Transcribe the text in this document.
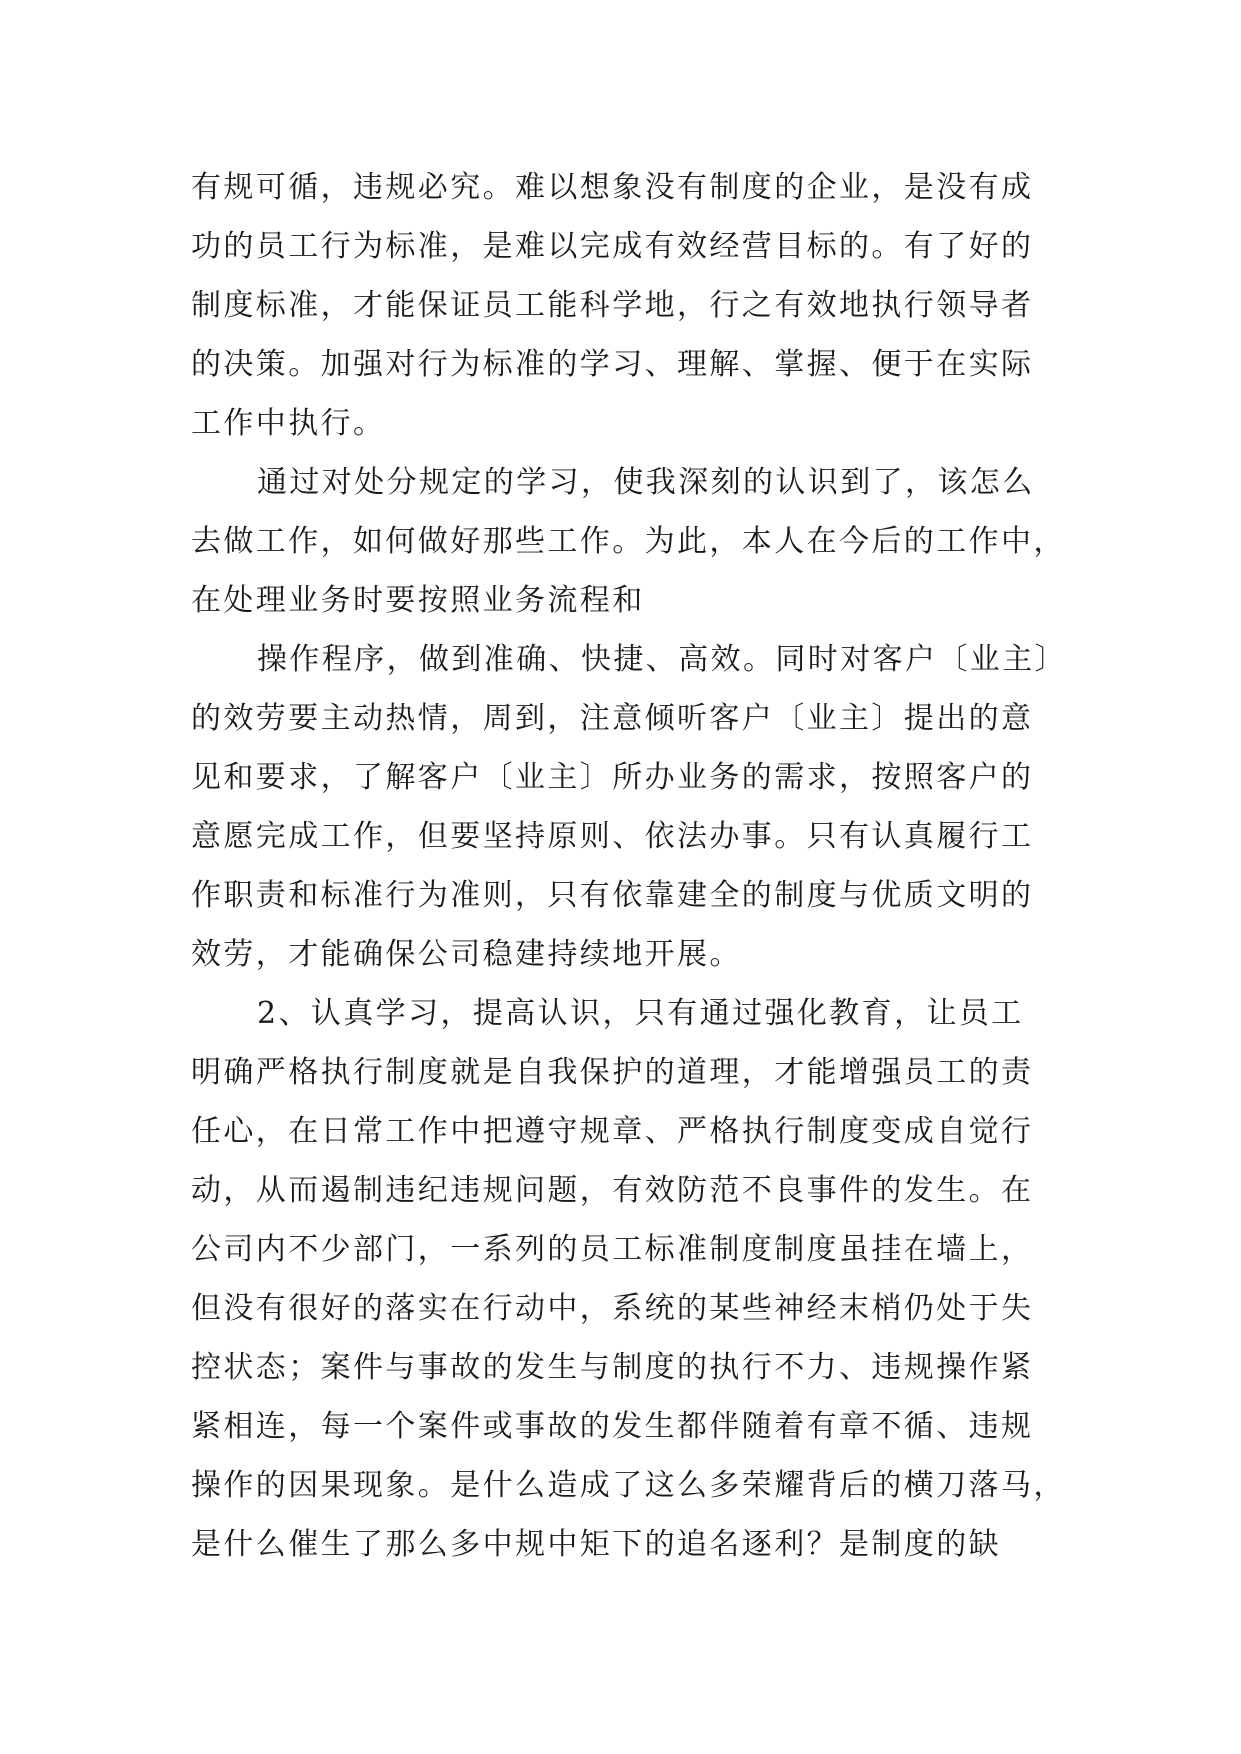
有规可循，违规必究。难以想象没有制度的企业，是没有成
功的员工行为标准，是难以完成有效经营目标的。有了好的
制度标准，才能保证员工能科学地，行之有效地执行领导者
的决策。加强对行为标准的学习、理解、掌握、便于在实际
工作中执行。
通过对处分规定的学习，使我深刻的认识到了，该怎么
去做工作，如何做好那些工作。为此，本人在今后的工作中，
在处理业务时要按照业务流程和
操作程序，做到准确、快捷、高效。同时对客户〔业主〕
的效劳要主动热情，周到，注意倾听客户〔业主〕提出的意
见和要求，了解客户〔业主〕所办业务的需求，按照客户的
意愿完成工作，但要坚持原则、依法办事。只有认真履行工
作职责和标准行为准则，只有依靠建全的制度与优质文明的
效劳，才能确保公司稳建持续地开展。
2、认真学习，提高认识，只有通过强化教育，让员工
明确严格执行制度就是自我保护的道理，才能增强员工的责
任心，在日常工作中把遵守规章、严格执行制度变成自觉行
动，从而遏制违纪违规问题，有效防范不良事件的发生。在
公司内不少部门，一系列的员工标准制度制度虽挂在墙上，
但没有很好的落实在行动中，系统的某些神经末梢仍处于失
控状态；案件与事故的发生与制度的执行不力、违规操作紧
紧相连，每一个案件或事故的发生都伴随着有章不循、违规
操作的因果现象。是什么造成了这么多荣耀背后的横刀落马，
是什么催生了那么多中规中矩下的追名逐利？是制度的缺
